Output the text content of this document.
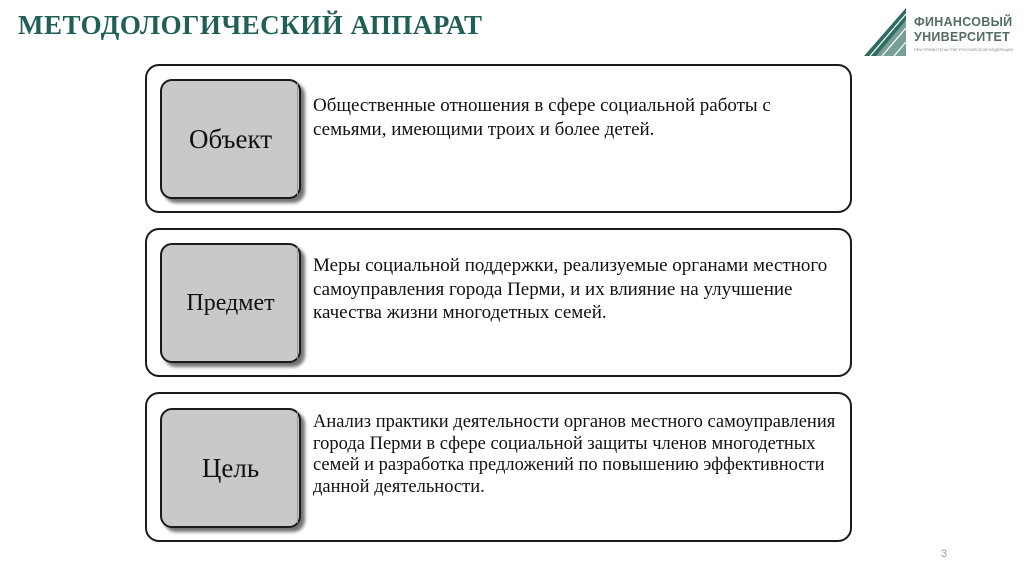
МЕТОДОЛОГИЧЕСКИЙ АППАРАТ	ФИНАНСОВЫЙ
УНИВЕРСИТЕТ
ПРИ ПРАВИТЕЛЬСТВЕ РОССИЙСКОЙ ФЕДЕРАЦИИ
Объект
Общественные отношения в сфере социальной работы с семьями, имеющими троих и более детей.
Предмет
Меры социальной поддержки, реализуемые органами местного самоуправления города Перми, и их влияние на улучшение качества жизни многодетных семей.
Цель
Анализ практики деятельности органов местного самоуправления города Перми в сфере социальной защиты членов многодетных семей и разработка предложений по повышению эффективности данной деятельности.
3
